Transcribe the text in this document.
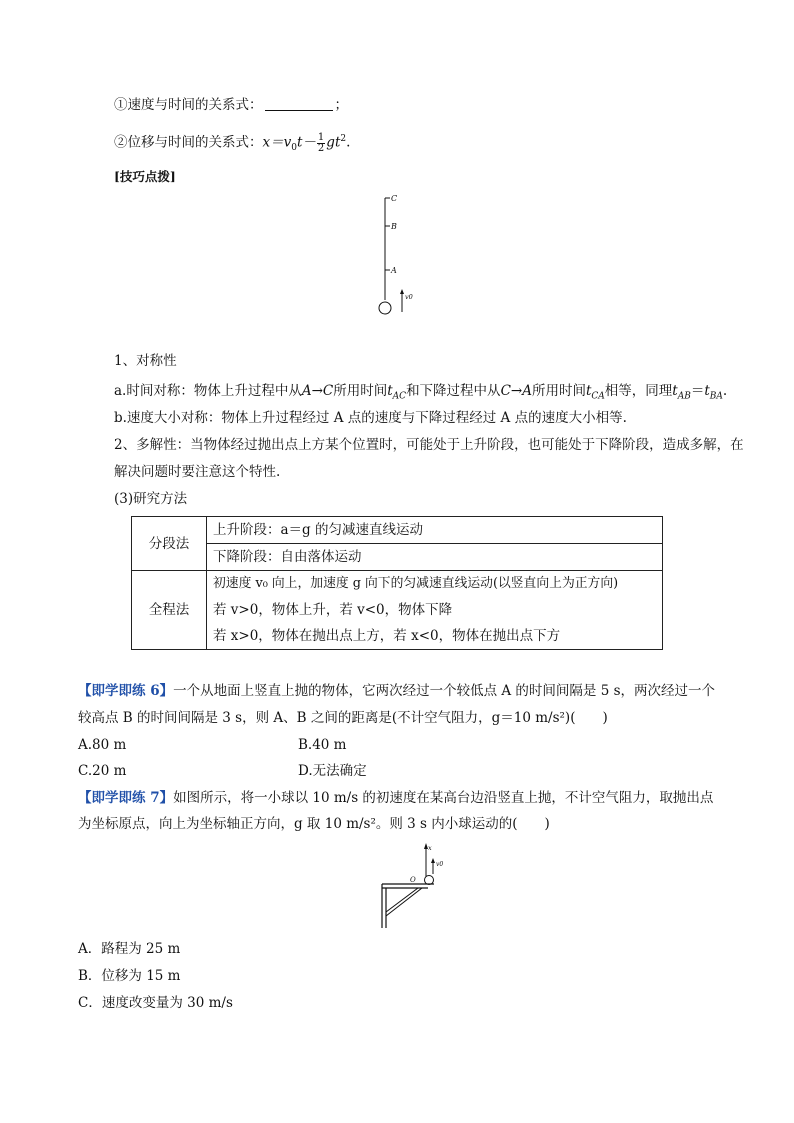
①速度与时间的关系式：	；
②位移与时间的关系式：$x=v_0t- \frac{1}{2} gt^2$.
[技巧点拨]
C
B
A
v0
1、对称性
a.时间对称：物体上升过程中从A→C所用时间$t_{AC}$和下降过程中从C→A所用时间$t_{CA}$相等，同理$t_{AB}=t_{BA}$.
b.速度大小对称：物体上升过程经过 A 点的速度与下降过程经过 A 点的速度大小相等.
2、多解性：当物体经过抛出点上方某个位置时，可能处于上升阶段，也可能处于下降阶段，造成多解，在
解决问题时要注意这个特性.
(3)研究方法
分段法	上升阶段：a＝g 的匀减速直线运动
	下降阶段：自由落体运动
全程法	初速度 v₀ 向上，加速度 g 向下的匀减速直线运动(以竖直向上为正方向)
	若 v>0，物体上升，若 v<0，物体下降
	若 x>0，物体在抛出点上方，若 x<0，物体在抛出点下方
【即学即练 6】一个从地面上竖直上抛的物体，它两次经过一个较低点 A 的时间间隔是 5 s，两次经过一个
较高点 B 的时间间隔是 3 s，则 A、B 之间的距离是(不计空气阻力，g＝10 m/s²)(　　)
A.80 m	B.40 m
C.20 m	D.无法确定
【即学即练 7】如图所示，将一小球以 10 m/s 的初速度在某高台边沿竖直上抛，不计空气阻力，取抛出点
为坐标原点，向上为坐标轴正方向，g 取 10 m/s²。则 3 s 内小球运动的(　　)
x
v0
O
A．路程为 25 m
B．位移为 15 m
C．速度改变量为 30 m/s
